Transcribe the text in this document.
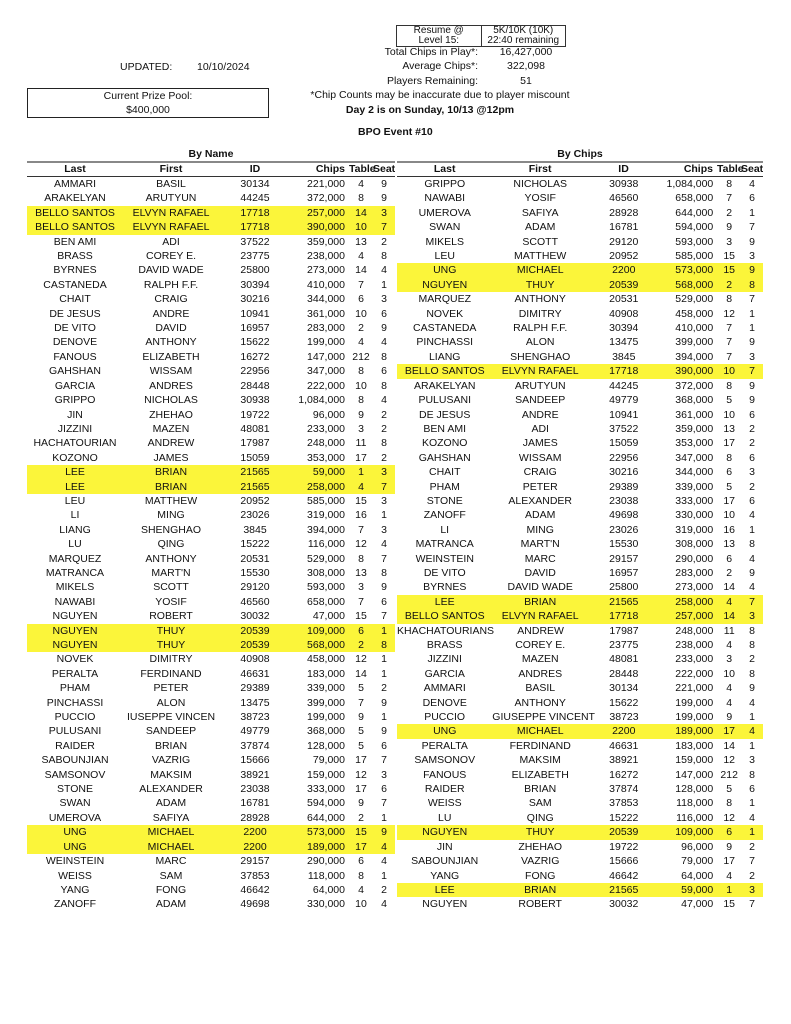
Resume @
Level 15:
5K/10K (10K)
22:40 remaining
Total Chips in Play*:	16,427,000
Average Chips*:	322,098
Players Remaining:	51
UPDATED: 10/10/2024
Current Prize Pool:
$400,000
*Chip Counts may be inaccurate due to player miscount
Day 2 is on Sunday, 10/13 @12pm
BPO Event #10
By Name
Last	First	ID	Chips Table
Seat
AMMARI	BASIL	30134	221,000	4	9
ARAKELYAN	ARUTYUN	44245	372,000	8	9
BELLO SANTOS	ELVYN RAFAEL	17718	257,000 14	3
BELLO SANTOS	ELVYN RAFAEL	17718	390,000 10	7
BEN AMI	ADI	37522	359,000 13	2
BRASS	COREY E.	23775	238,000	4	8
BYRNES	DAVID WADE	25800	273,000 14	4
CASTANEDA	RALPH F.F.	30394	410,000	7	1
CHAIT	CRAIG	30216	344,000	6	3
DE JESUS	ANDRE	10941	361,000 10	6
DE VITO	DAVID	16957	283,000	2	9
DENOVE	ANTHONY	15622	199,000	4	4
FANOUS	ELIZABETH	16272	147,000 212	8
GAHSHAN	WISSAM	22956	347,000	8	6
GARCIA	ANDRES	28448	222,000 10	8
GRIPPO	NICHOLAS	30938	1,084,000	8	4
JIN	ZHEHAO	19722	96,000	9	2
JIZZINI	MAZEN	48081	233,000	3	2
HACHATOURIAN	ANDREW	17987	248,000	11	8
KOZONO	JAMES	15059	353,000 17	2
LEE	BRIAN	21565	59,000	1	3
LEE	BRIAN	21565	258,000	4	7
LEU	MATTHEW	20952	585,000 15	3
LI	MING	23026	319,000 16	1
LIANG	SHENGHAO	3845	394,000	7	3
LU	QING	15222	116,000 12	4
MARQUEZ	ANTHONY	20531	529,000	8	7
MATRANCA	MART'N	15530	308,000 13	8
MIKELS	SCOTT	29120	593,000	3	9
NAWABI	YOSIF	46560	658,000	7	6
NGUYEN	ROBERT	30032	47,000 15	7
NGUYEN	THUY	20539	109,000	6	1
NGUYEN	THUY	20539	568,000	2	8
NOVEK	DIMITRY	40908	458,000 12	1
PERALTA	FERDINAND	46631	183,000 14	1
PHAM	PETER	29389	339,000	5	2
PINCHASSI	ALON	13475	399,000	7	9
PUCCIO	IUSEPPE VINCEN	38723	199,000	9	1
PULUSANI	SANDEEP	49779	368,000	5	9
RAIDER	BRIAN	37874	128,000	5	6
SABOUNJIAN	VAZRIG	15666	79,000 17	7
SAMSONOV	MAKSIM	38921	159,000 12	3
STONE	ALEXANDER	23038	333,000 17	6
SWAN	ADAM	16781	594,000	9	7
UMEROVA	SAFIYA	28928	644,000	2	1
UNG	MICHAEL	2200	573,000 15	9
UNG	MICHAEL	2200	189,000 17	4
WEINSTEIN	MARC	29157	290,000	6	4
WEISS	SAM	37853	118,000	8	1
YANG	FONG	46642	64,000	4	2
ZANOFF	ADAM	49698	330,000 10	4
By Chips
Last	First	ID	Chips Table
Seat
GRIPPO	NICHOLAS	30938	1,084,000	8	4
NAWABI	YOSIF	46560	658,000	7	6
UMEROVA	SAFIYA	28928	644,000	2	1
SWAN	ADAM	16781	594,000	9	7
MIKELS	SCOTT	29120	593,000	3	9
LEU	MATTHEW	20952	585,000 15	3
UNG	MICHAEL	2200	573,000 15	9
NGUYEN	THUY	20539	568,000	2	8
MARQUEZ	ANTHONY	20531	529,000	8	7
NOVEK	DIMITRY	40908	458,000 12	1
CASTANEDA	RALPH F.F.	30394	410,000	7	1
PINCHASSI	ALON	13475	399,000	7	9
LIANG	SHENGHAO	3845	394,000	7	3
BELLO SANTOS	ELVYN RAFAEL	17718	390,000 10	7
ARAKELYAN	ARUTYUN	44245	372,000	8	9
PULUSANI	SANDEEP	49779	368,000	5	9
DE JESUS	ANDRE	10941	361,000 10	6
BEN AMI	ADI	37522	359,000 13	2
KOZONO	JAMES	15059	353,000 17	2
GAHSHAN	WISSAM	22956	347,000	8	6
CHAIT	CRAIG	30216	344,000	6	3
PHAM	PETER	29389	339,000	5	2
STONE	ALEXANDER	23038	333,000 17	6
ZANOFF	ADAM	49698	330,000 10	4
LI	MING	23026	319,000 16	1
MATRANCA	MART'N	15530	308,000 13	8
WEINSTEIN	MARC	29157	290,000	6	4
DE VITO	DAVID	16957	283,000	2	9
BYRNES	DAVID WADE	25800	273,000 14	4
LEE	BRIAN	21565	258,000	4	7
BELLO SANTOS	ELVYN RAFAEL	17718	257,000 14	3
KHACHATOURIANS	ANDREW	17987	248,000 11	8
BRASS	COREY E.	23775	238,000	4	8
JIZZINI	MAZEN	48081	233,000	3	2
GARCIA	ANDRES	28448	222,000 10	8
AMMARI	BASIL	30134	221,000	4	9
DENOVE	ANTHONY	15622	199,000	4	4
PUCCIO	GIUSEPPE VINCENT	38723	199,000	9	1
UNG	MICHAEL	2200	189,000 17	4
PERALTA	FERDINAND	46631	183,000 14	1
SAMSONOV	MAKSIM	38921	159,000 12	3
FANOUS	ELIZABETH	16272	147,000 212	8
RAIDER	BRIAN	37874	128,000	5	6
WEISS	SAM	37853	118,000	8	1
LU	QING	15222	116,000 12	4
NGUYEN	THUY	20539	109,000	6	1
JIN	ZHEHAO	19722	96,000	9	2
SABOUNJIAN	VAZRIG	15666	79,000 17	7
YANG	FONG	46642	64,000	4	2
LEE	BRIAN	21565	59,000	1	3
NGUYEN	ROBERT	30032	47,000 15	7
